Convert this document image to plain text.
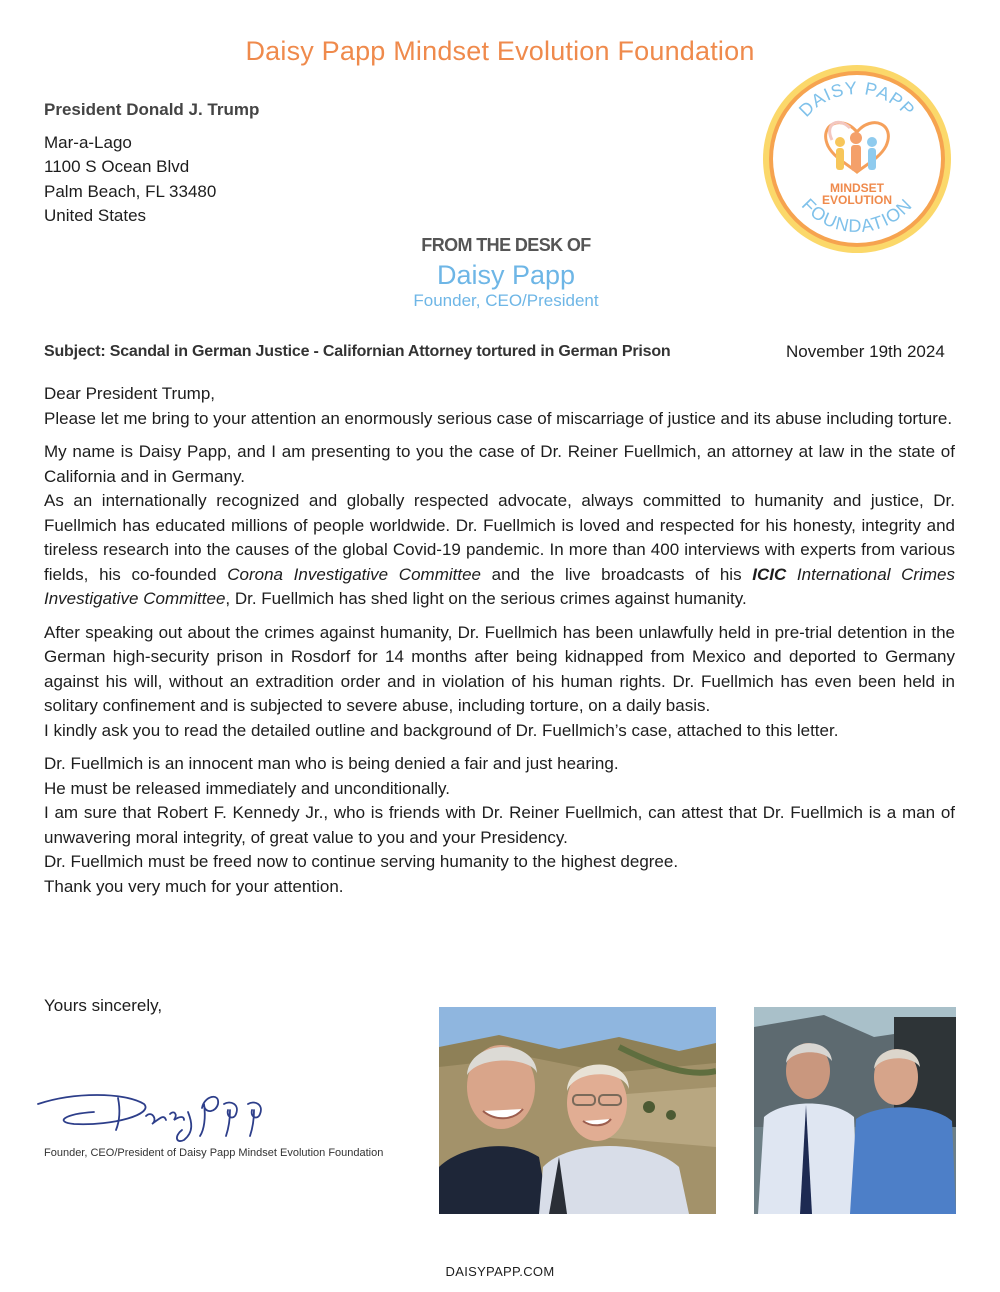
Daisy Papp Mindset Evolution Foundation
President Donald J. Trump
Mar-a-Lago
1100 S Ocean Blvd
Palm Beach, FL 33480
United States
DAISY PAPP
FOUNDATION
MINDSET
EVOLUTION
FROM THE DESK OF
Daisy Papp
Founder, CEO/President
Subject: Scandal in German Justice - Californian Attorney tortured in German Prison	November 19th 2024

Dear President Trump,

Please let me bring to your attention an enormously serious case of miscarriage of justice and its abuse including torture.

My name is Daisy Papp, and I am presenting to you the case of Dr. Reiner Fuellmich, an attorney at law in the state of California and in Germany.

As an internationally recognized and globally respected advocate, always committed to humanity and justice, Dr. Fuellmich has educated millions of people worldwide. Dr. Fuellmich is loved and respected for his honesty, integrity and tireless research into the causes of the global Covid-19 pandemic. In more than 400 interviews with experts from various fields, his co-founded Corona Investigative Committee and the live broadcasts of his ICIC International Crimes Investigative Committee, Dr. Fuellmich has shed light on the serious crimes against humanity.

After speaking out about the crimes against humanity, Dr. Fuellmich has been unlawfully held in pre-trial detention in the German high-security prison in Rosdorf for 14 months after being kidnapped from Mexico and deported to Germany against his will, without an extradition order and in violation of his human rights. Dr. Fuellmich has even been held in solitary confinement and is subjected to severe abuse, including torture, on a daily basis.

I kindly ask you to read the detailed outline and background of Dr. Fuellmich’s case, attached to this letter.

Dr. Fuellmich is an innocent man who is being denied a fair and just hearing.

He must be released immediately and unconditionally.

I am sure that Robert F. Kennedy Jr., who is friends with Dr. Reiner Fuellmich, can attest that Dr. Fuellmich is a man of unwavering moral integrity, of great value to you and your Presidency.

Dr. Fuellmich must be freed now to continue serving humanity to the highest degree.

Thank you very much for your attention.

Yours sincerely,
Founder, CEO/President of Daisy Papp Mindset Evolution Foundation
DAISYPAPP.COM
